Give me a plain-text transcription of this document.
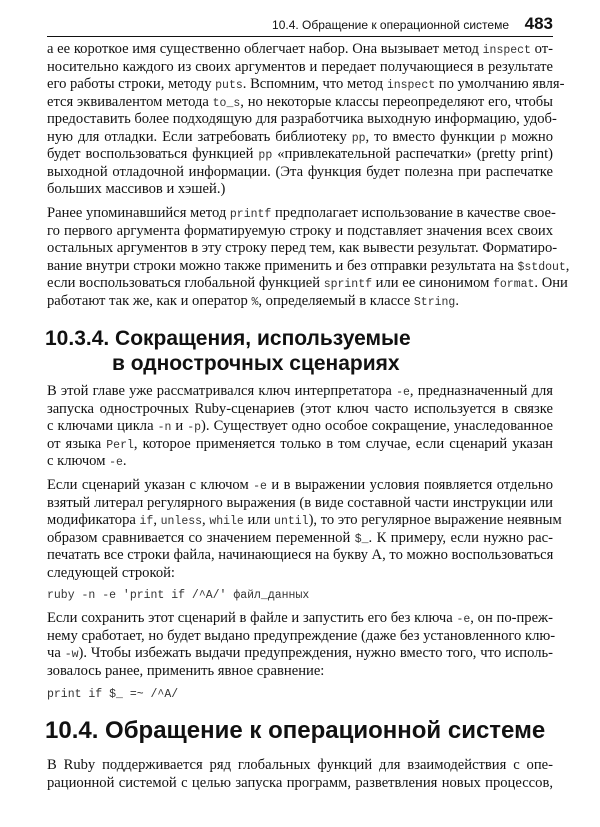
10.4. Обращение к операционной системе 483
а ее короткое имя существенно облегчает набор. Она вызывает метод inspect от-
носительно каждого из своих аргументов и передает получающиеся в результате
его работы строки, методу puts. Вспомним, что метод inspect по умолчанию явля-
ется эквивалентом метода to_s, но некоторые классы переопределяют его, чтобы
предоставить более подходящую для разработчика выходную информацию, удоб-
ную для отладки. Если затребовать библиотеку pp, то вместо функции p можно
будет воспользоваться функцией pp «привлекательной распечатки» (pretty print)
выходной отладочной информации. (Эта функция будет полезна при распечатке
больших массивов и хэшей.)
Ранее упоминавшийся метод printf предполагает использование в качестве свое-
го первого аргумента форматируемую строку и подставляет значения всех своих
остальных аргументов в эту строку перед тем, как вывести результат. Форматиро-
вание внутри строки можно также применить и без отправки результата на $stdout,
если воспользоваться глобальной функцией sprintf или ее синонимом format. Они
работают так же, как и оператор %, определяемый в классе String.
10.3.4. Сокращения, используемые
в однострочных сценариях
В этой главе уже рассматривался ключ интерпретатора -e, предназначенный для
запуска однострочных Ruby-сценариев (этот ключ часто используется в связке
с ключами цикла -n и -p). Существует одно особое сокращение, унаследованное
от языка Perl, которое применяется только в том случае, если сценарий указан
с ключом -e.
Если сценарий указан с ключом -e и в выражении условия появляется отдельно
взятый литерал регулярного выражения (в виде составной части инструкции или
модификатора if, unless, while или until), то это регулярное выражение неявным
образом сравнивается со значением переменной $_. К примеру, если нужно рас-
печатать все строки файла, начинающиеся на букву А, то можно воспользоваться
следующей строкой:
ruby -n -e 'print if /^A/' файл_данных
Если сохранить этот сценарий в файле и запустить его без ключа -e, он по-преж-
нему сработает, но будет выдано предупреждение (даже без установленного клю-
ча -w). Чтобы избежать выдачи предупреждения, нужно вместо того, что исполь-
зовалось ранее, применить явное сравнение:
print if $_ =~ /^A/
10.4. Обращение к операционной системе
В Ruby поддерживается ряд глобальных функций для взаимодействия с опе-
рационной системой с целью запуска программ, разветвления новых процессов,
